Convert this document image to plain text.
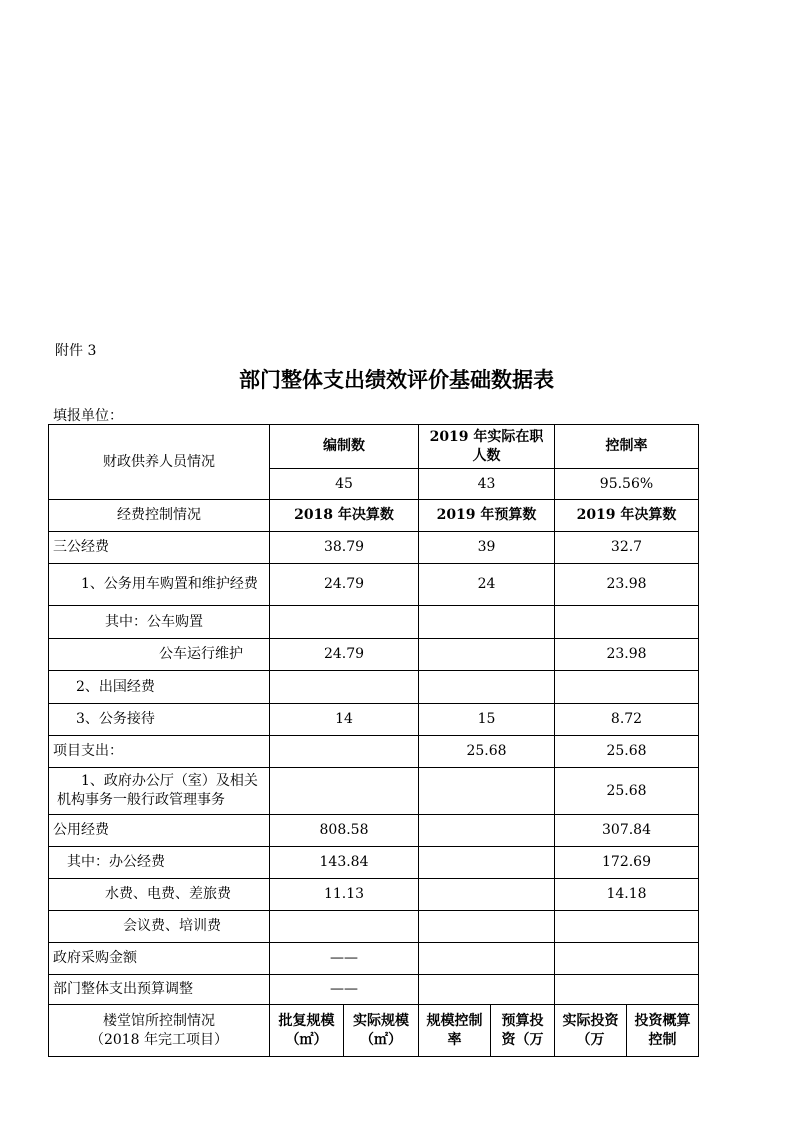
附件 3
部门整体支出绩效评价基础数据表
填报单位：
财政供养人员情况	编制数		2019 年实际在职人数		控制率	
	45		43		95.56%	
经费控制情况	2018 年决算数		2019 年预算数		2019 年决算数	
三公经费	38.79		39		32.7	
1、公务用车购置和维护经费	24.79		24		23.98	
其中：公车购置						
公车运行维护	24.79				23.98	
2、出国经费						
3、公务接待	14		15		8.72	
项目支出：			25.68		25.68	
1、政府办公厅（室）及相关机构事务一般行政管理事务					25.68	
公用经费	808.58				307.84	
其中：办公经费	143.84				172.69	
水费、电费、差旅费	11.13				14.18	
会议费、培训费						
政府采购金额	——					
部门整体支出预算调整	——					

楼堂馆所控制情况
（2018 年完工项目）	批复规模（㎡）	实际规模（㎡）	规模控制率	预算投资（万	实际投资（万	投资概算控制
